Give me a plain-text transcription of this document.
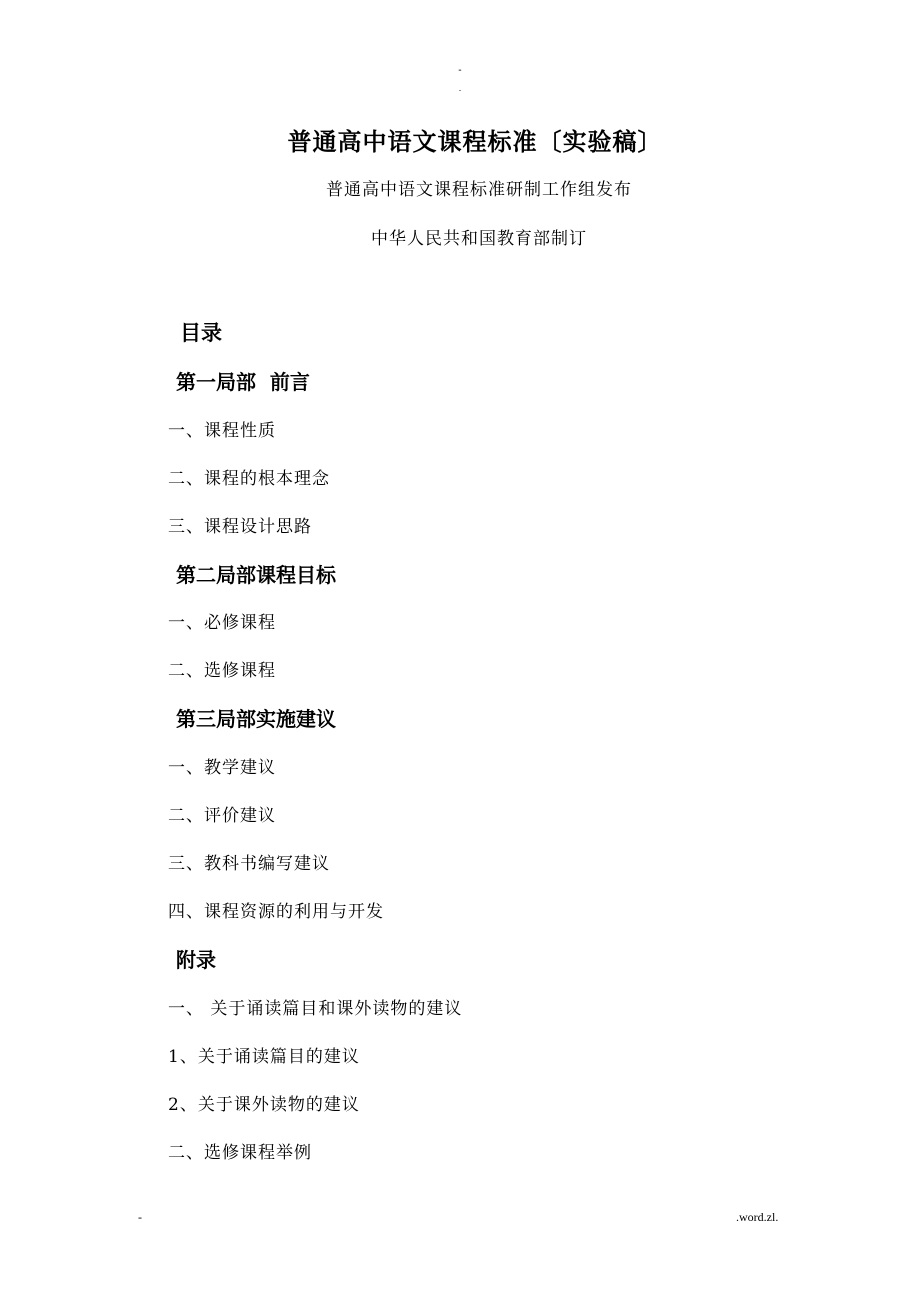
-
.
普通高中语文课程标准〔实验稿〕
普通高中语文课程标准研制工作组发布
中华人民共和国教育部制订
目录
第一局部  前言
一、课程性质
二、课程的根本理念
三、课程设计思路
第二局部课程目标
一、必修课程
二、选修课程
第三局部实施建议
一、教学建议
二、评价建议
三、教科书编写建议
四、课程资源的利用与开发
附录
一、 关于诵读篇目和课外读物的建议
1、关于诵读篇目的建议
2、关于课外读物的建议
二、选修课程举例
-	.word.zl.
